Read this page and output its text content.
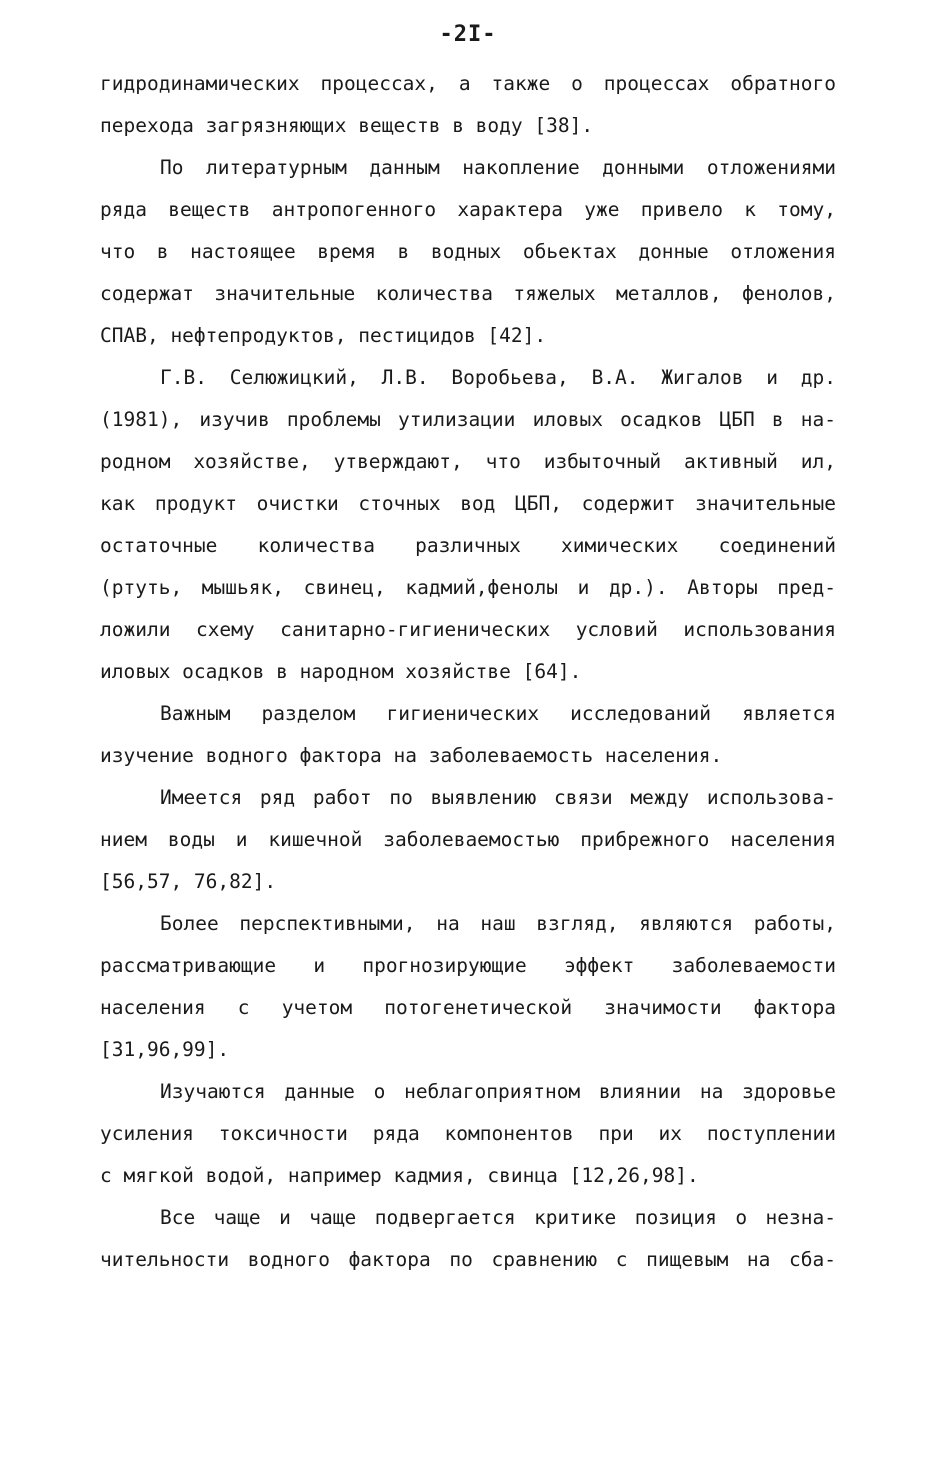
-2I-
гидродинамических процессах, а также о процессах обратного
перехода загрязняющих веществ в воду [38].
По литературным данным накопление донными отложениями
ряда веществ антропогенного характера уже привело к тому,
что в настоящее время в водных обьектах донные отложения
содержат значительные количества тяжелых металлов, фенолов,
СПАВ, нефтепродуктов, пестицидов [42].
Г.В. Селюжицкий, Л.В. Воробьева, В.А. Жигалов и др.
(1981), изучив проблемы утилизации иловых осадков ЦБП в на-
родном хозяйстве, утверждают, что избыточный активный ил,
как продукт очистки сточных вод ЦБП, содержит значительные
остаточные количества различных химических соединений
(ртуть, мышьяк, свинец, кадмий,фенолы и др.). Авторы пред-
ложили схему санитарно-гигиенических условий использования
иловых осадков в народном хозяйстве [64].
Важным разделом гигиенических исследований является
изучение водного фактора на заболеваемость населения.
Имеется ряд работ по выявлению связи между использова-
нием воды и кишечной заболеваемостью прибрежного населения
[56,57, 76,82].
Более перспективными, на наш взгляд, являются работы,
рассматривающие и прогнозирующие эффект заболеваемости
населения с учетом потогенетической значимости фактора
[31,96,99].
Изучаются данные о неблагоприятном влиянии на здоровье
усиления токсичности ряда компонентов при их поступлении
с мягкой водой, например кадмия, свинца [12,26,98].
Все чаще и чаще подвергается критике позиция о незна-
чительности водного фактора по сравнению с пищевым на сба-
